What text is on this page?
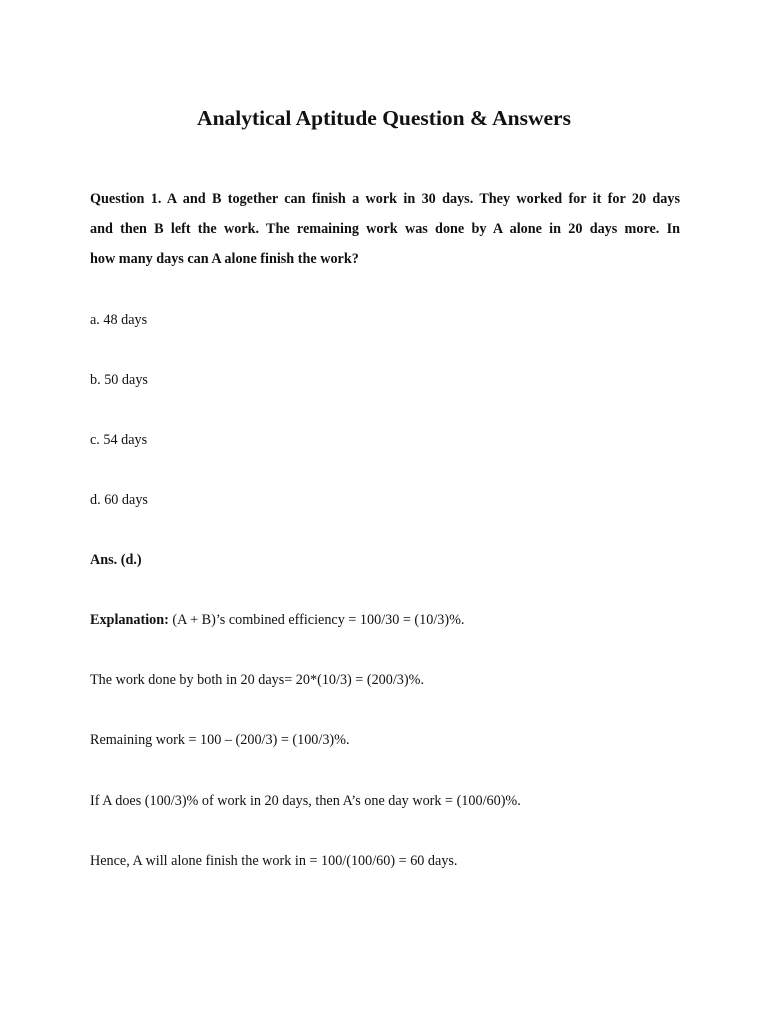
Analytical Aptitude Question & Answers
Question 1. A and B together can finish a work in 30 days. They worked for it for 20 days
and then B left the work. The remaining work was done by A alone in 20 days more. In
how many days can A alone finish the work?
a. 48 days
b. 50 days
c. 54 days
d. 60 days
Ans. (d.)
Explanation: (A + B)’s combined efficiency = 100/30 = (10/3)%.
The work done by both in 20 days= 20*(10/3) = (200/3)%.
Remaining work = 100 – (200/3) = (100/3)%.
If A does (100/3)% of work in 20 days, then A’s one day work = (100/60)%.
Hence, A will alone finish the work in = 100/(100/60) = 60 days.
